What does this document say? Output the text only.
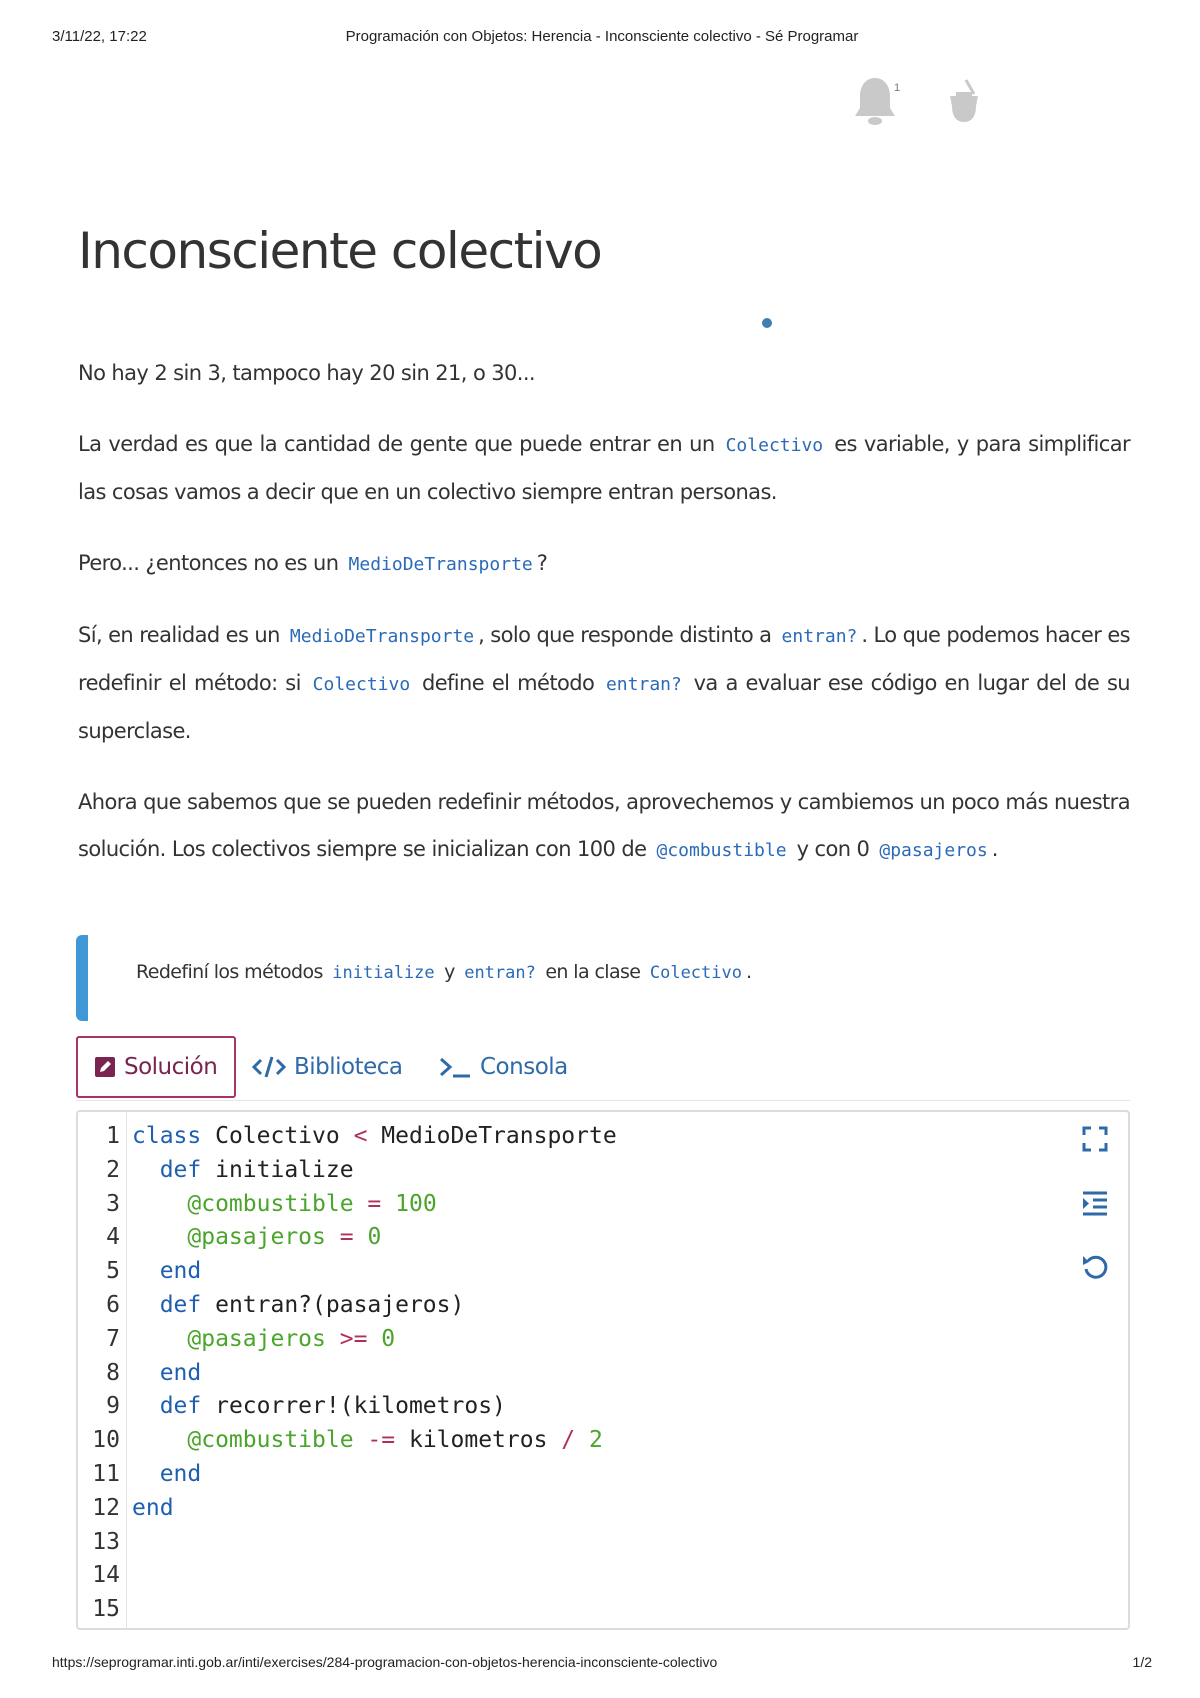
3/11/22, 17:22	Programación con Objetos: Herencia - Inconsciente colectivo - Sé Programar
1
Inconsciente colectivo

No hay 2 sin 3, tampoco hay 20 sin 21, o 30...

La verdad es que la cantidad de gente que puede entrar en un Colectivo es variable, y para simplificar las cosas vamos a decir que en un colectivo siempre entran personas.

Pero... ¿entonces no es un MedioDeTransporte ?

Sí, en realidad es un MedioDeTransporte , solo que responde distinto a entran? . Lo que podemos hacer es redefinir el método: si Colectivo define el método entran? va a evaluar ese código en lugar del de su superclase.

Ahora que sabemos que se pueden redefinir métodos, aprovechemos y cambiemos un poco más nuestra solución. Los colectivos siempre se inicializan con 100 de @combustible y con 0 @pasajeros .

Redefiní los métodos initialize y entran? en la clase Colectivo .
Solución	Biblioteca	Consola
1
2
3
4
5
6
7
8
9
10
11
12
13
14
15
class Colectivo < MedioDeTransporte
def initialize
@combustible = 100
@pasajeros = 0
end
def entran?(pasajeros)
@pasajeros >= 0
end
def recorrer!(kilometros)
@combustible -= kilometros / 2
end
end
https://seprogramar.inti.gob.ar/inti/exercises/284-programacion-con-objetos-herencia-inconsciente-colectivo	1/2
